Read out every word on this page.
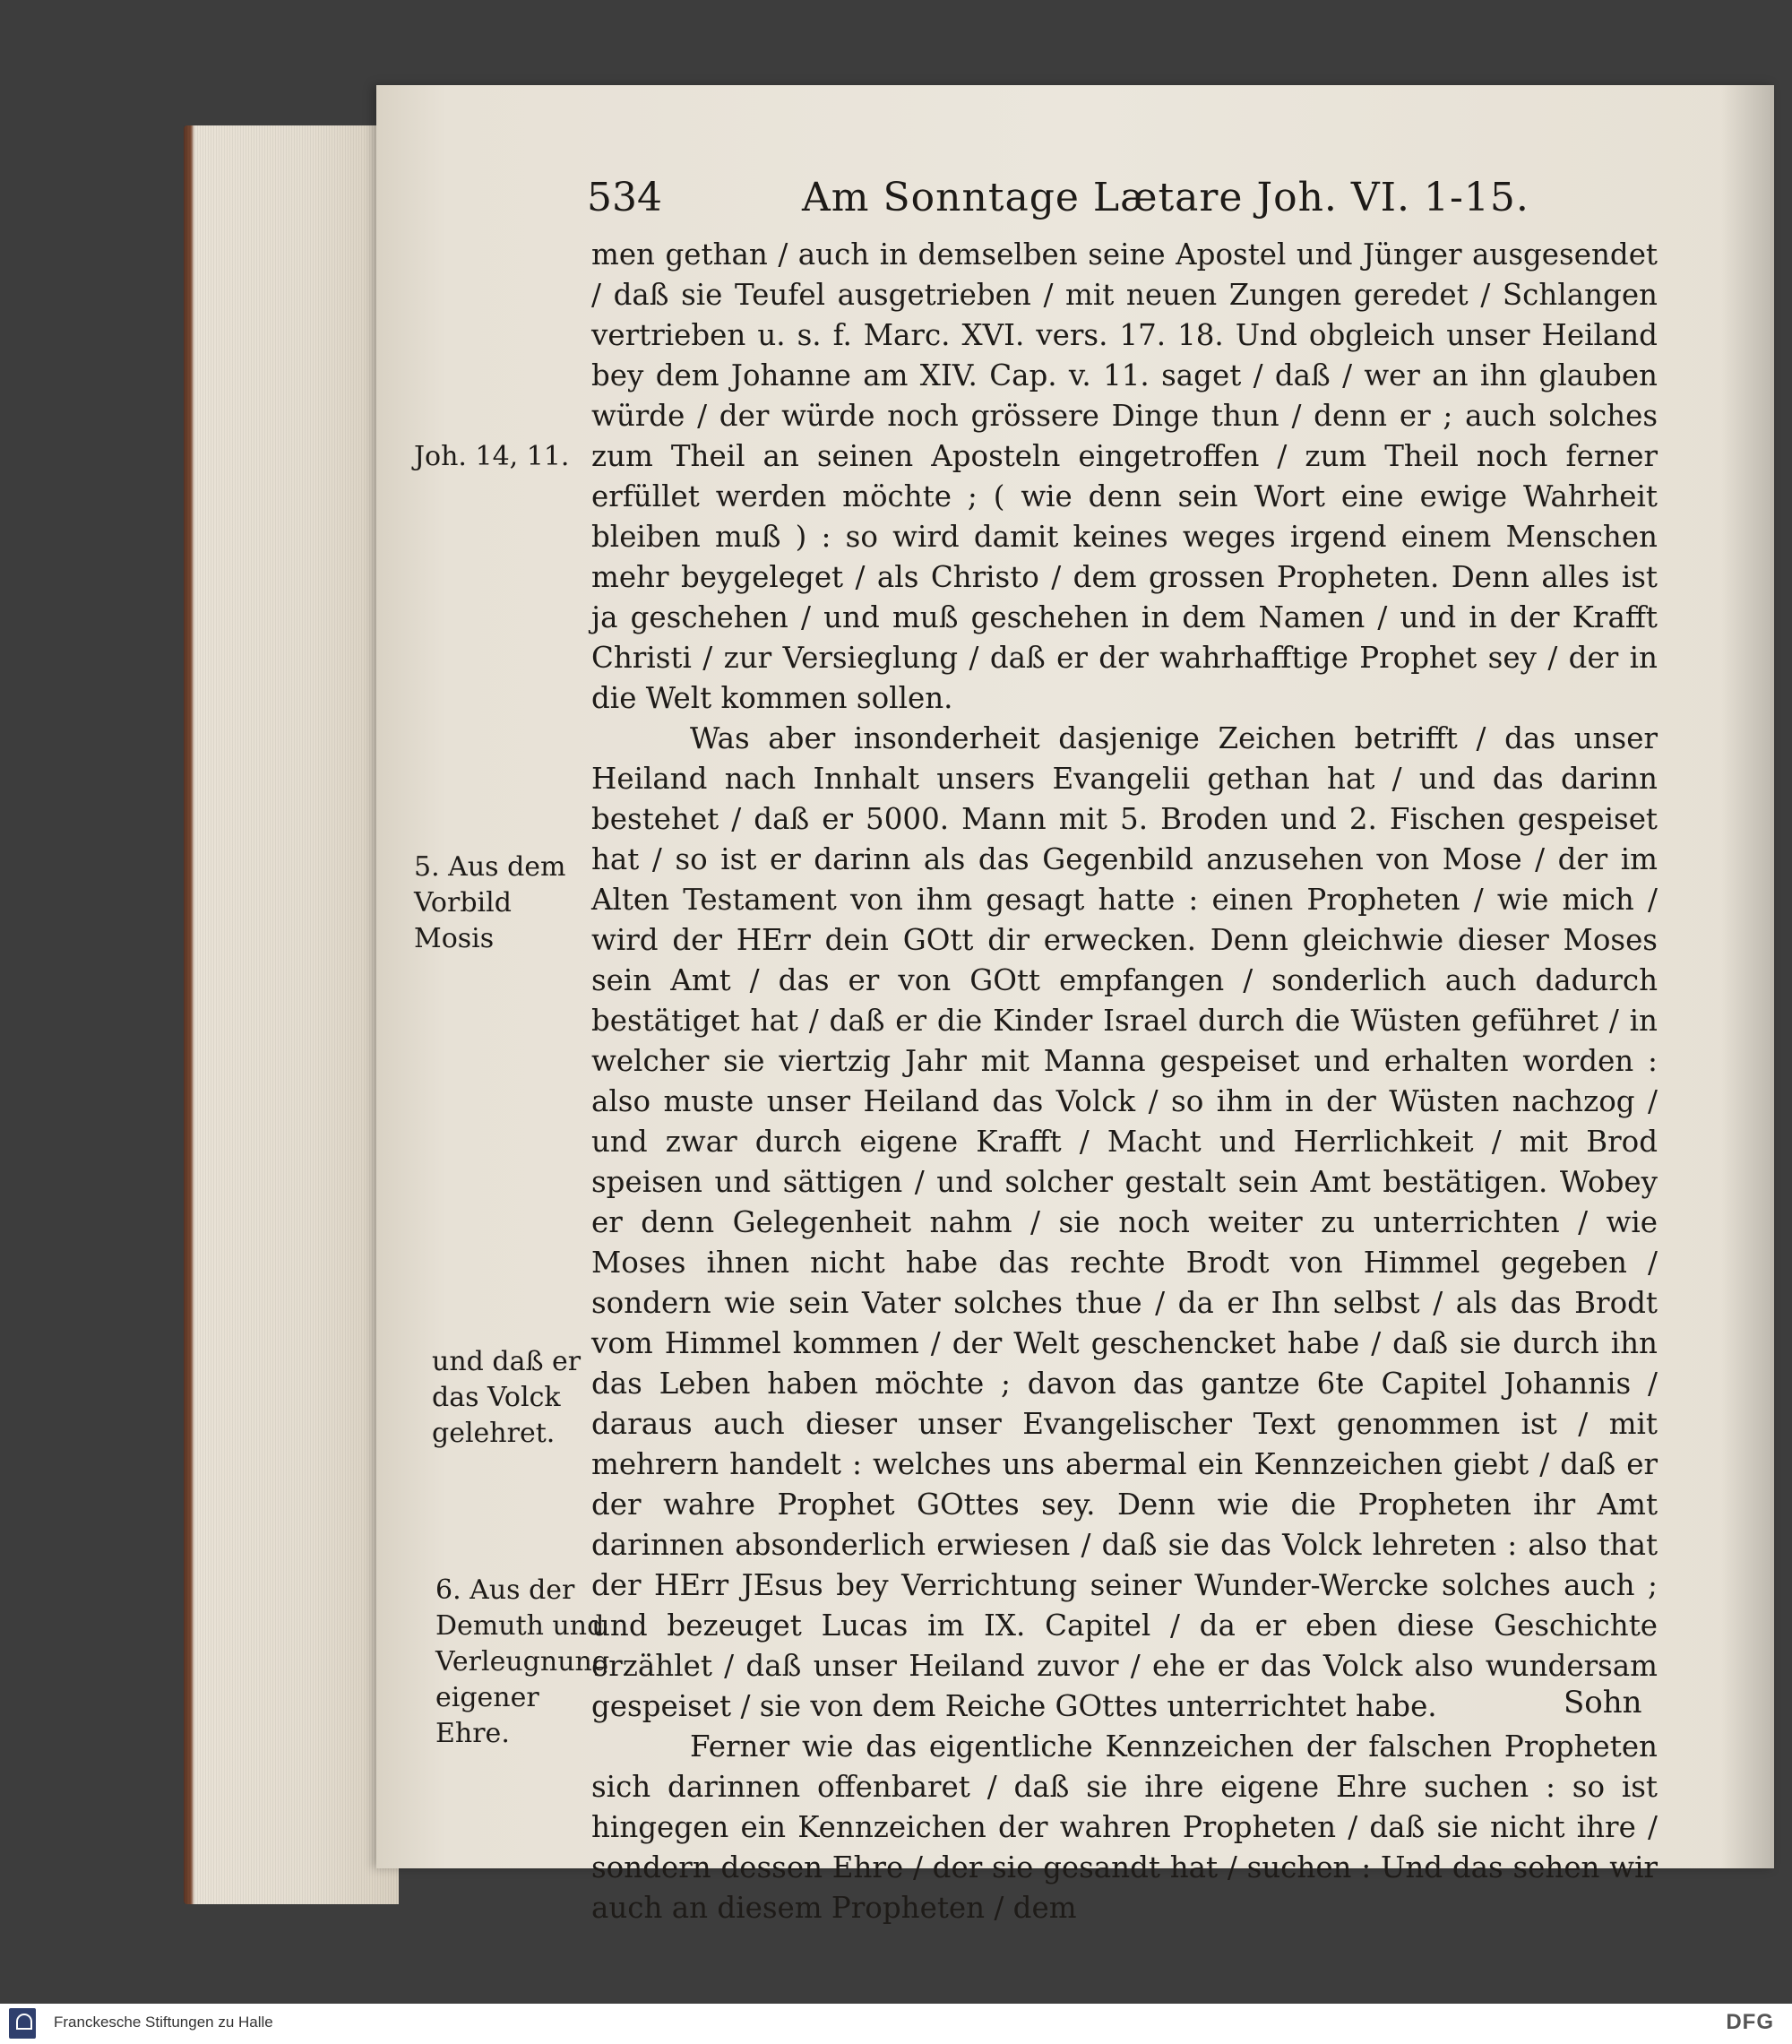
534	Am Sonntage Lætare Joh. VI. 1-15.
Joh. 14, 11.
5. Aus dem Vorbild Mosis
und daß er das Volck gelehret.
6. Aus der Demuth und Verleugnung eigener Ehre.

men gethan / auch in demselben seine Apostel und Jünger ausgesendet / daß sie Teufel ausgetrieben / mit neuen Zungen geredet / Schlangen vertrieben u. s. f. Marc. XVI. vers. 17. 18. Und obgleich unser Heiland bey dem Johanne am XIV. Cap. v. 11. saget / daß / wer an ihn glauben würde / der würde noch grössere Dinge thun / denn er ; auch solches zum Theil an seinen Aposteln eingetroffen / zum Theil noch ferner erfüllet werden möchte ; ( wie denn sein Wort eine ewige Wahrheit bleiben muß ) : so wird damit keines weges irgend einem Menschen mehr beygeleget / als Christo / dem grossen Propheten. Denn alles ist ja geschehen / und muß geschehen in dem Namen / und in der Krafft Christi / zur Versieglung / daß er der wahrhafftige Prophet sey / der in die Welt kommen sollen.

Was aber insonderheit dasjenige Zeichen betrifft / das unser Heiland nach Innhalt unsers Evangelii gethan hat / und das darinn bestehet / daß er 5000. Mann mit 5. Broden und 2. Fischen gespeiset hat / so ist er darinn als das Gegenbild anzusehen von Mose / der im Alten Testament von ihm gesagt hatte : einen Propheten / wie mich / wird der HErr dein GOtt dir erwecken. Denn gleichwie dieser Moses sein Amt / das er von GOtt empfangen / sonderlich auch dadurch bestätiget hat / daß er die Kinder Israel durch die Wüsten geführet / in welcher sie viertzig Jahr mit Manna gespeiset und erhalten worden : also muste unser Heiland das Volck / so ihm in der Wüsten nachzog / und zwar durch eigene Krafft / Macht und Herrlichkeit / mit Brod speisen und sättigen / und solcher gestalt sein Amt bestätigen. Wobey er denn Gelegenheit nahm / sie noch weiter zu unterrichten / wie Moses ihnen nicht habe das rechte Brodt von Himmel gegeben / sondern wie sein Vater solches thue / da er Ihn selbst / als das Brodt vom Himmel kommen / der Welt geschencket habe / daß sie durch ihn das Leben haben möchte ; davon das gantze 6te Capitel Johannis / daraus auch dieser unser Evangelischer Text genommen ist / mit mehrern handelt : welches uns abermal ein Kennzeichen giebt / daß er der wahre Prophet GOttes sey. Denn wie die Propheten ihr Amt darinnen absonderlich erwiesen / daß sie das Volck lehreten : also that der HErr JEsus bey Verrichtung seiner Wunder-Wercke solches auch ; und bezeuget Lucas im IX. Capitel / da er eben diese Geschichte erzählet / daß unser Heiland zuvor / ehe er das Volck also wundersam gespeiset / sie von dem Reiche GOttes unterrichtet habe.

Ferner wie das eigentliche Kennzeichen der falschen Propheten sich darinnen offenbaret / daß sie ihre eigene Ehre suchen : so ist hingegen ein Kennzeichen der wahren Propheten / daß sie nicht ihre / sondern dessen Ehre / der sie gesandt hat / suchen : Und das sehen wir auch an diesem Propheten / dem

Sohn
Franckesche Stiftungen zu Halle	DFG
